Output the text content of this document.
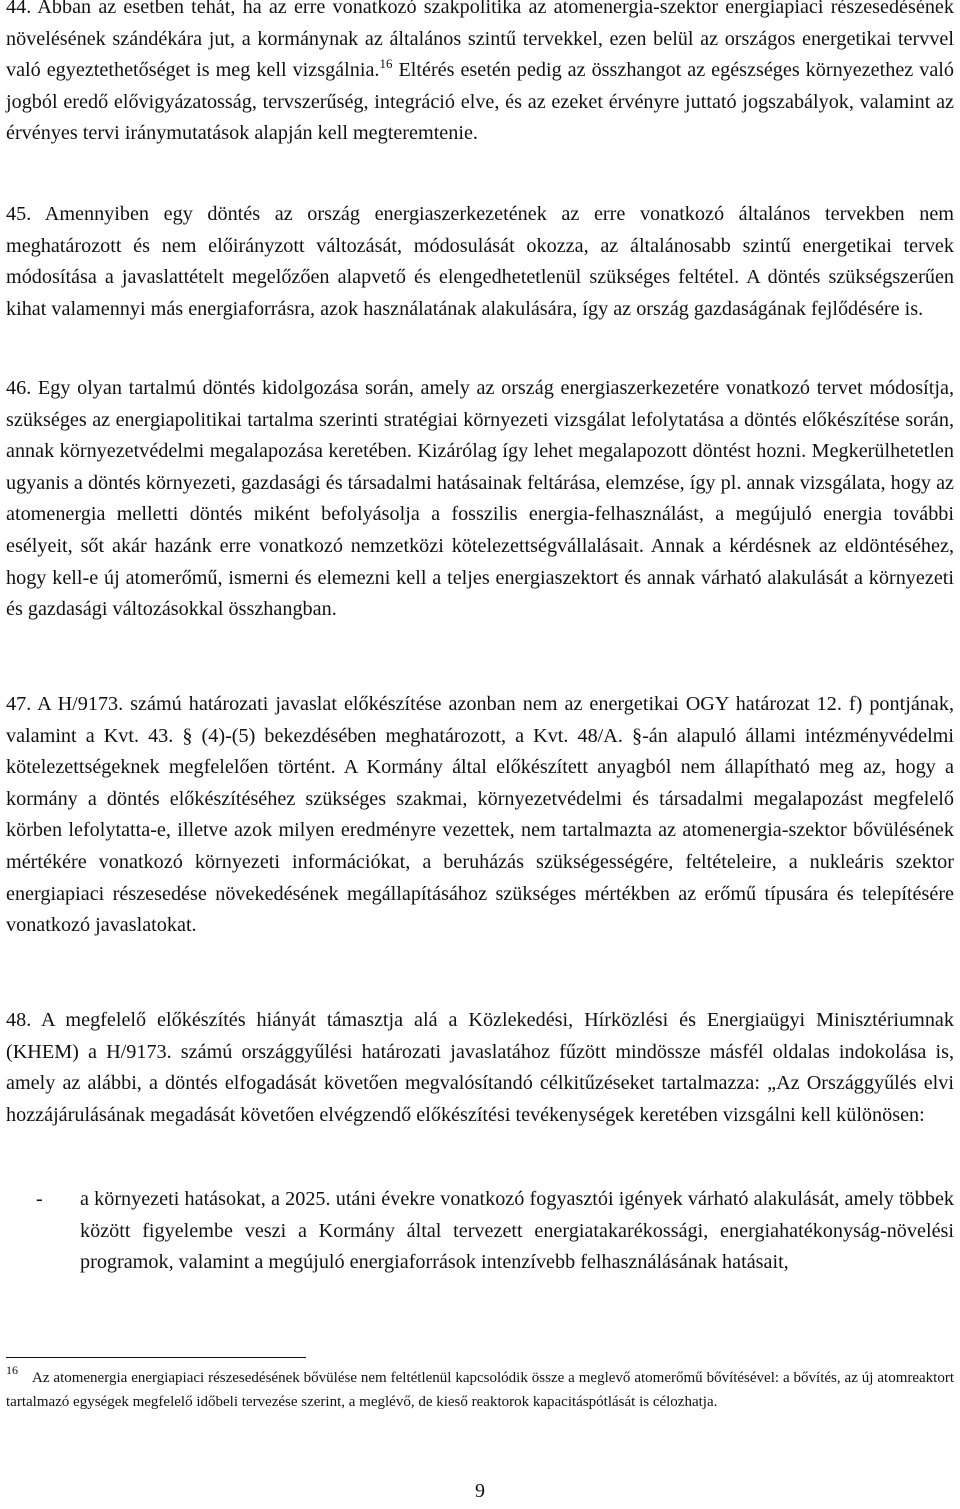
44. Abban az esetben tehát, ha az erre vonatkozó szakpolitika az atomenergia-szektor energiapiaci részesedésének növelésének szándékára jut, a kormánynak az általános szintű tervekkel, ezen belül az országos energetikai tervvel való egyeztethetőséget is meg kell vizsgálnia.$^{16}$ Eltérés esetén pedig az összhangot az egészséges környezethez való jogból eredő elővigyázatosság, tervszerűség, integráció elve, és az ezeket érvényre juttató jogszabályok, valamint az érvényes tervi iránymutatások alapján kell megteremtenie.

45. Amennyiben egy döntés az ország energiaszerkezetének az erre vonatkozó általános tervekben nem meghatározott és nem előirányzott változását, módosulását okozza, az általánosabb szintű energetikai tervek módosítása a javaslattételt megelőzően alapvető és elengedhetetlenül szükséges feltétel. A döntés szükségszerűen kihat valamennyi más energiaforrásra, azok használatának alakulására, így az ország gazdaságának fejlődésére is.

46. Egy olyan tartalmú döntés kidolgozása során, amely az ország energiaszerkezetére vonatkozó tervet módosítja, szükséges az energiapolitikai tartalma szerinti stratégiai környezeti vizsgálat lefolytatása a döntés előkészítése során, annak környezetvédelmi megalapozása keretében. Kizárólag így lehet megalapozott döntést hozni. Megkerülhetetlen ugyanis a döntés környezeti, gazdasági és társadalmi hatásainak feltárása, elemzése, így pl. annak vizsgálata, hogy az atomenergia melletti döntés miként befolyásolja a fosszilis energia-felhasználást, a megújuló energia további esélyeit, sőt akár hazánk erre vonatkozó nemzetközi kötelezettségvállalásait. Annak a kérdésnek az eldöntéséhez, hogy kell-e új atomerőmű, ismerni és elemezni kell a teljes energiaszektort és annak várható alakulását a környezeti és gazdasági változásokkal összhangban.

47. A H/9173. számú határozati javaslat előkészítése azonban nem az energetikai OGY határozat 12. f) pontjának, valamint a Kvt. 43. § (4)-(5) bekezdésében meghatározott, a Kvt. 48/A. §-án alapuló állami intézményvédelmi kötelezettségeknek megfelelően történt. A Kormány által előkészített anyagból nem állapítható meg az, hogy a kormány a döntés előkészítéséhez szükséges szakmai, környezetvédelmi és társadalmi megalapozást megfelelő körben lefolytatta-e, illetve azok milyen eredményre vezettek, nem tartalmazta az atomenergia-szektor bővülésének mértékére vonatkozó környezeti információkat, a beruházás szükségességére, feltételeire, a nukleáris szektor energiapiaci részesedése növekedésének megállapításához szükséges mértékben az erőmű típusára és telepítésére vonatkozó javaslatokat.

48. A megfelelő előkészítés hiányát támasztja alá a Közlekedési, Hírközlési és Energiaügyi Minisztériumnak (KHEM) a H/9173. számú országgyűlési határozati javaslatához fűzött mindössze másfél oldalas indokolása is, amely az alábbi, a döntés elfogadását követően megvalósítandó célkitűzéseket tartalmazza: „Az Országgyűlés elvi hozzájárulásának megadását követően elvégzendő előkészítési tevékenységek keretében vizsgálni kell különösen:

- a környezeti hatásokat, a 2025. utáni évekre vonatkozó fogyasztói igények várható alakulását, amely többek között figyelembe veszi a Kormány által tervezett energiatakarékossági, energiahatékonyság-növelési programok, valamint a megújuló energiaforrások intenzívebb felhasználásának hatásait,

$^{16}$ Az atomenergia energiapiaci részesedésének bővülése nem feltétlenül kapcsolódik össze a meglevő atomerőmű bővítésével: a bővítés, az új atomreaktort tartalmazó egységek megfelelő időbeli tervezése szerint, a meglévő, de kieső reaktorok kapacitáspótlását is célozhatja.

9
